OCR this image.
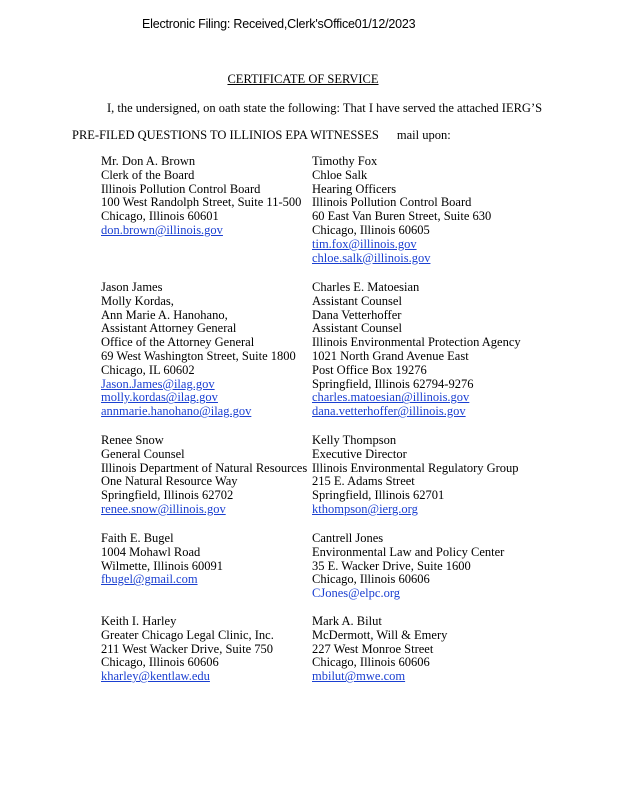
Electronic Filing: Received,Clerk'sOffice01/12/2023
CERTIFICATE OF SERVICE
I, the undersigned, on oath state the following: That I have served the attached IERG’S
PRE-FILED QUESTIONS TO ILLINIOS EPA WITNESSES mail upon:
Mr. Don A. Brown
Clerk of the Board
Illinois Pollution Control Board
100 West Randolph Street, Suite 11-500
Chicago, Illinois 60601
don.brown@illinois.gov
Jason James
Molly Kordas,
Ann Marie A. Hanohano,
Assistant Attorney General
Office of the Attorney General
69 West Washington Street, Suite 1800
Chicago, IL 60602
Jason.James@ilag.gov
molly.kordas@ilag.gov
annmarie.hanohano@ilag.gov
Renee Snow
General Counsel
Illinois Department of Natural Resources
One Natural Resource Way
Springfield, Illinois 62702
renee.snow@illinois.gov
Faith E. Bugel
1004 Mohawl Road
Wilmette, Illinois 60091
fbugel@gmail.com
Keith I. Harley
Greater Chicago Legal Clinic, Inc.
211 West Wacker Drive, Suite 750
Chicago, Illinois 60606
kharley@kentlaw.edu
Timothy Fox
Chloe Salk
Hearing Officers
Illinois Pollution Control Board
60 East Van Buren Street, Suite 630
Chicago, Illinois 60605
tim.fox@illinois.gov
chloe.salk@illinois.gov
Charles E. Matoesian
Assistant Counsel
Dana Vetterhoffer
Assistant Counsel
Illinois Environmental Protection Agency
1021 North Grand Avenue East
Post Office Box 19276
Springfield, Illinois 62794-9276
charles.matoesian@illinois.gov
dana.vetterhoffer@illinois.gov
Kelly Thompson
Executive Director
Illinois Environmental Regulatory Group
215 E. Adams Street
Springfield, Illinois 62701
kthompson@ierg.org
Cantrell Jones
Environmental Law and Policy Center
35 E. Wacker Drive, Suite 1600
Chicago, Illinois 60606
CJones@elpc.org
Mark A. Bilut
McDermott, Will & Emery
227 West Monroe Street
Chicago, Illinois 60606
mbilut@mwe.com
